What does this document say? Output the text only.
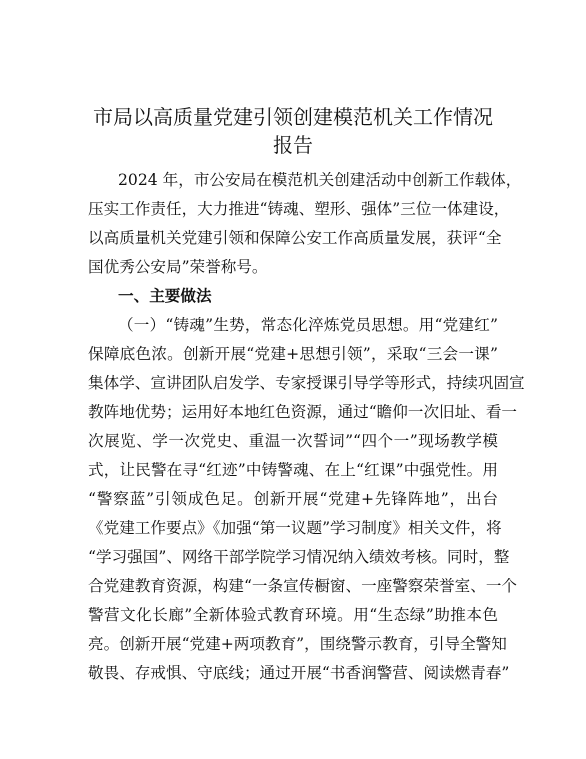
市局以高质量党建引领创建模范机关工作情况
报告
2024 年，市公安局在模范机关创建活动中创新工作载体，
压实工作责任，大力推进“铸魂、塑形、强体”三位一体建设，
以高质量机关党建引领和保障公安工作高质量发展，获评“全
国优秀公安局”荣誉称号。
一、主要做法
（一）“铸魂”生势，常态化淬炼党员思想。用“党建红”
保障底色浓。创新开展“党建+思想引领”，采取“三会一课”
集体学、宣讲团队启发学、专家授课引导学等形式，持续巩固宣
教阵地优势；运用好本地红色资源，通过“瞻仰一次旧址、看一
次展览、学一次党史、重温一次誓词”“四个一”现场教学模
式，让民警在寻“红迹”中铸警魂、在上“红课”中强党性。用
“警察蓝”引领成色足。创新开展“党建+先锋阵地”，出台
《党建工作要点》《加强“第一议题”学习制度》相关文件，将
“学习强国”、网络干部学院学习情况纳入绩效考核。同时，整
合党建教育资源，构建“一条宣传橱窗、一座警察荣誉室、一个
警营文化长廊”全新体验式教育环境。用“生态绿”助推本色
亮。创新开展“党建+两项教育”，围绕警示教育，引导全警知
敬畏、存戒惧、守底线；通过开展“书香润警营、阅读燃青春”
